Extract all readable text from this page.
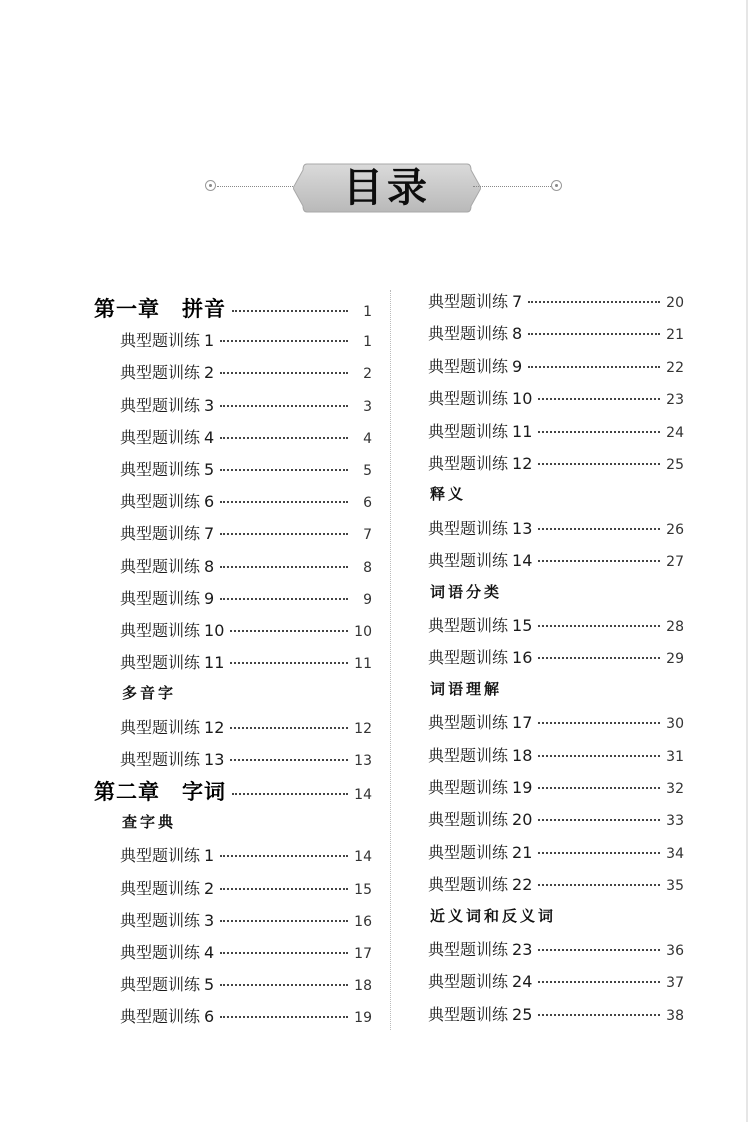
目录
第一章　拼音	1
典型题训练 1	1
典型题训练 2	2
典型题训练 3	3
典型题训练 4	4
典型题训练 5	5
典型题训练 6	6
典型题训练 7	7
典型题训练 8	8
典型题训练 9	9
典型题训练 10	10
典型题训练 11	11
多音字
典型题训练 12	12
典型题训练 13	13
第二章　字词	14
查字典
典型题训练 1	14
典型题训练 2	15
典型题训练 3	16
典型题训练 4	17
典型题训练 5	18
典型题训练 6	19
典型题训练 7	20
典型题训练 8	21
典型题训练 9	22
典型题训练 10	23
典型题训练 11	24
典型题训练 12	25
释义
典型题训练 13	26
典型题训练 14	27
词语分类
典型题训练 15	28
典型题训练 16	29
词语理解
典型题训练 17	30
典型题训练 18	31
典型题训练 19	32
典型题训练 20	33
典型题训练 21	34
典型题训练 22	35
近义词和反义词
典型题训练 23	36
典型题训练 24	37
典型题训练 25	38
